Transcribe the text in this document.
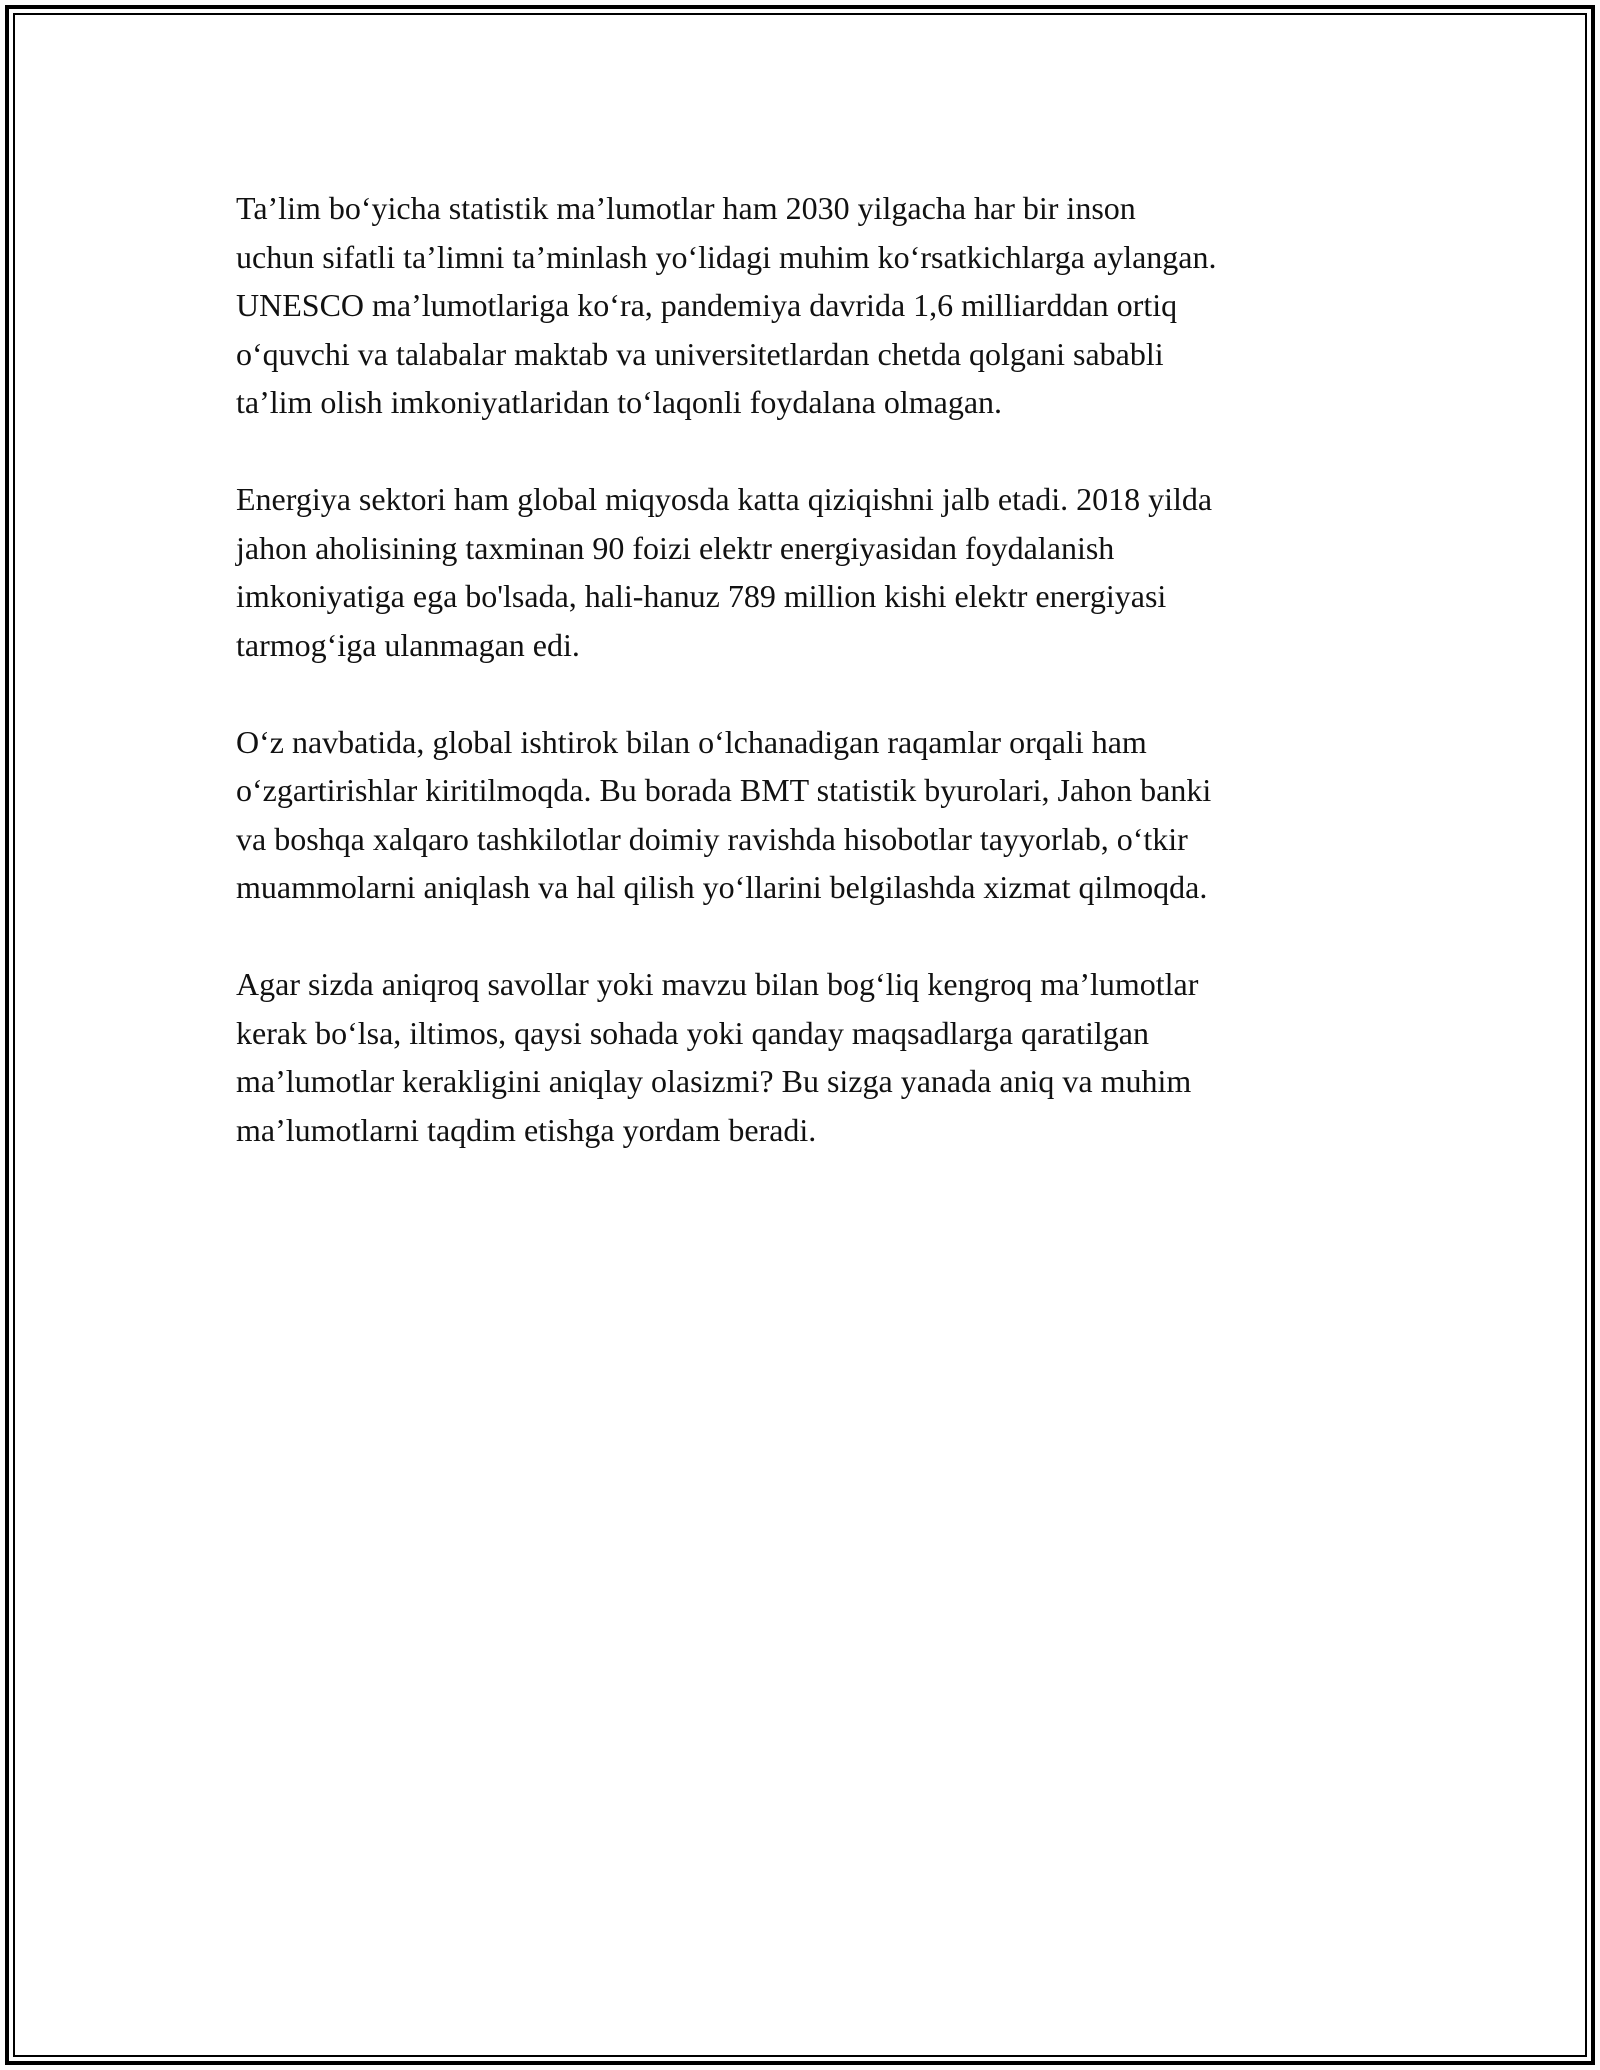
Ta’lim bo‘yicha statistik ma’lumotlar ham 2030 yilgacha har bir inson
uchun sifatli ta’limni ta’minlash yo‘lidagi muhim ko‘rsatkichlarga aylangan.
UNESCO ma’lumotlariga ko‘ra, pandemiya davrida 1,6 milliarddan ortiq
o‘quvchi va talabalar maktab va universitetlardan chetda qolgani sababli
ta’lim olish imkoniyatlaridan to‘laqonli foydalana olmagan.

Energiya sektori ham global miqyosda katta qiziqishni jalb etadi. 2018 yilda
jahon aholisining taxminan 90 foizi elektr energiyasidan foydalanish
imkoniyatiga ega bo'lsada, hali-hanuz 789 million kishi elektr energiyasi
tarmog‘iga ulanmagan edi.

O‘z navbatida, global ishtirok bilan o‘lchanadigan raqamlar orqali ham
o‘zgartirishlar kiritilmoqda. Bu borada BMT statistik byurolari, Jahon banki
va boshqa xalqaro tashkilotlar doimiy ravishda hisobotlar tayyorlab, o‘tkir
muammolarni aniqlash va hal qilish yo‘llarini belgilashda xizmat qilmoqda.

Agar sizda aniqroq savollar yoki mavzu bilan bog‘liq kengroq ma’lumotlar
kerak bo‘lsa, iltimos, qaysi sohada yoki qanday maqsadlarga qaratilgan
ma’lumotlar kerakligini aniqlay olasizmi? Bu sizga yanada aniq va muhim
ma’lumotlarni taqdim etishga yordam beradi.
